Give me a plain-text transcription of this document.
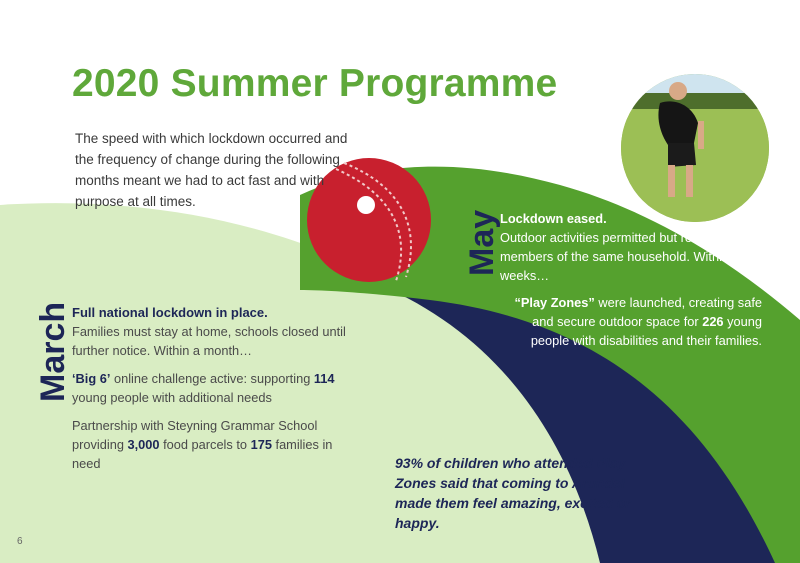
2020 Summer Programme
The speed with which lockdown occurred and the frequency of change during the following months meant we had to act fast and with purpose at all times.
March Full national lockdown in place.
Families must stay at home, schools closed until further notice. Within a month…

‘Big 6’ online challenge active: supporting 114 young people with additional needs

Partnership with Steyning Grammar School providing 3,000 food parcels to 175 families in need

May Lockdown eased.
Outdoor activities permitted but restricted to members of the same household. Within two weeks…

“Play Zones” were launched, creating safe and secure outdoor space for 226 young people with disabilities and their families.

93% of children who attended Play Zones said that coming to Arundel made them feel amazing, excited or happy.
6
